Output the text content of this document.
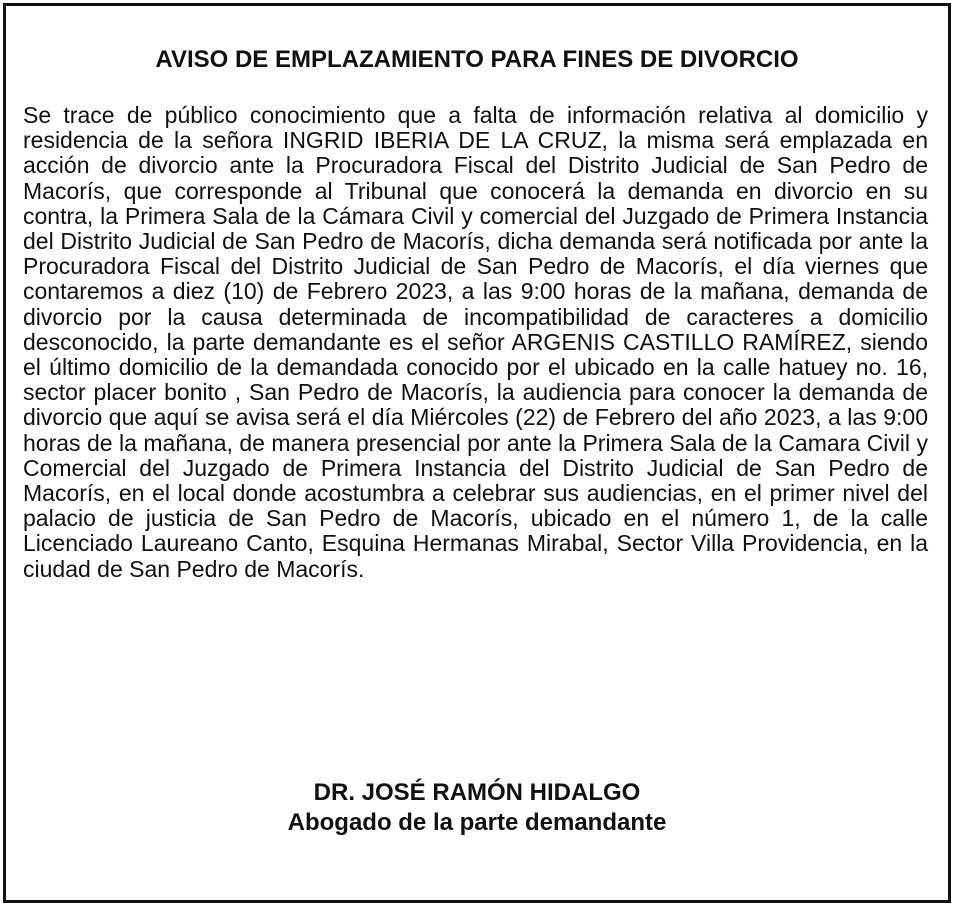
AVISO DE EMPLAZAMIENTO PARA FINES DE DIVORCIO

Se trace de público conocimiento que a falta de información relativa al domicilio y residencia de la señora INGRID IBERIA DE LA CRUZ, la misma será emplazada en acción de divorcio ante la Procuradora Fiscal del Distrito Judicial de San Pedro de Macorís, que corresponde al Tribunal que conocerá la demanda en divorcio en su contra, la Primera Sala de la Cámara Civil y comercial del Juzgado de Primera Instancia del Distrito Judicial de San Pedro de Macorís, dicha demanda será notificada por ante la Procuradora Fiscal del Distrito Judicial de San Pedro de Macorís, el día viernes que contaremos a diez (10) de Febrero 2023, a las 9:00 horas de la mañana, demanda de divorcio por la causa determinada de incompatibilidad de caracteres a domicilio desconocido, la parte demandante es el señor ARGENIS CASTILLO RAMÍREZ, siendo el último domicilio de la demandada conocido por el ubicado en la calle hatuey no. 16, sector placer bonito , San Pedro de Macorís, la audiencia para conocer la demanda de divorcio que aquí se avisa será el día Miércoles (22) de Febrero del año 2023, a las 9:00 horas de la mañana, de manera presencial por ante la Primera Sala de la Camara Civil y Comercial del Juzgado de Primera Instancia del Distrito Judicial de San Pedro de Macorís, en el local donde acostumbra a celebrar sus audiencias, en el primer nivel del palacio de justicia de San Pedro de Macorís, ubicado en el número 1, de la calle Licenciado Laureano Canto, Esquina Hermanas Mirabal, Sector Villa Providencia, en la ciudad de San Pedro de Macorís.

DR. JOSÉ RAMÓN HIDALGO
Abogado de la parte demandante
